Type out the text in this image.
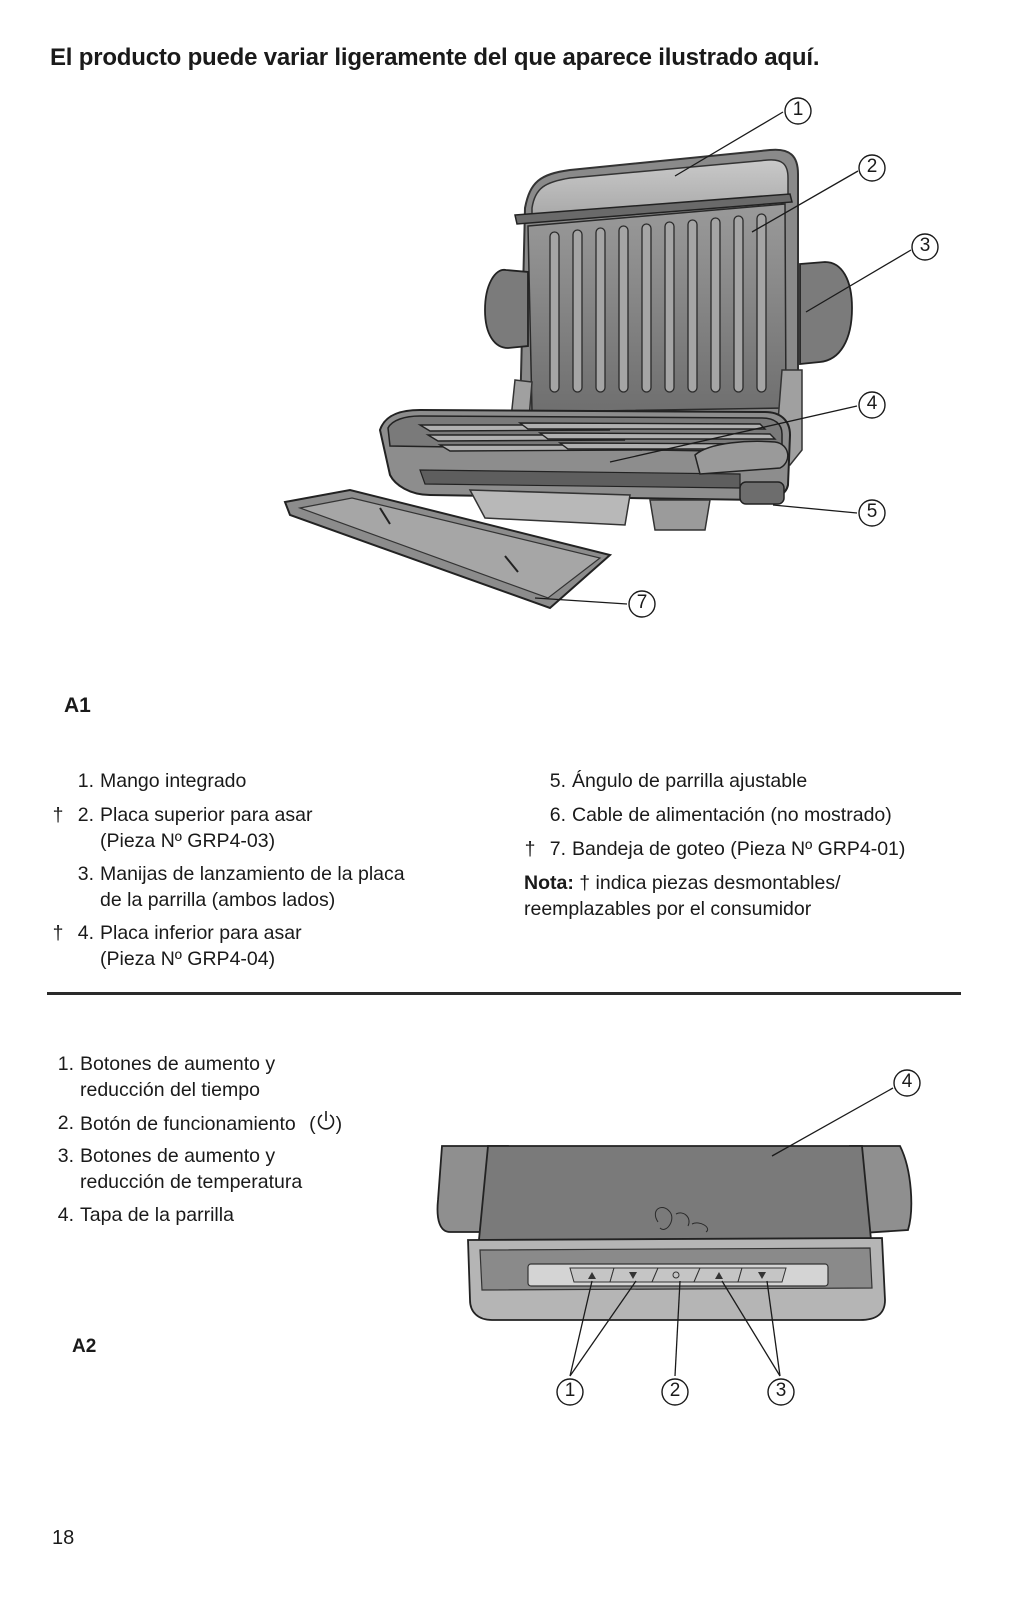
El producto puede variar ligeramente del que aparece ilustrado aquí.
1
2
3
4
5
7
A1
1. Mango integrado
† 2. Placa superior para asar
(Pieza Nº GRP4-03)
3. Manijas de lanzamiento de la placa
de la parrilla (ambos lados)
† 4. Placa inferior para asar
(Pieza Nº GRP4-04)
5. Ángulo de parrilla ajustable
6. Cable de alimentación (no mostrado)
† 7. Bandeja de goteo (Pieza Nº GRP4-01)
Nota: † indica piezas desmontables/
reemplazables por el consumidor
1. Botones de aumento y
reducción del tiempo
2. Botón de funcionamiento ( )
3. Botones de aumento y
reducción de temperatura
4. Tapa de la parrilla
A2
4
1	2	3
18
